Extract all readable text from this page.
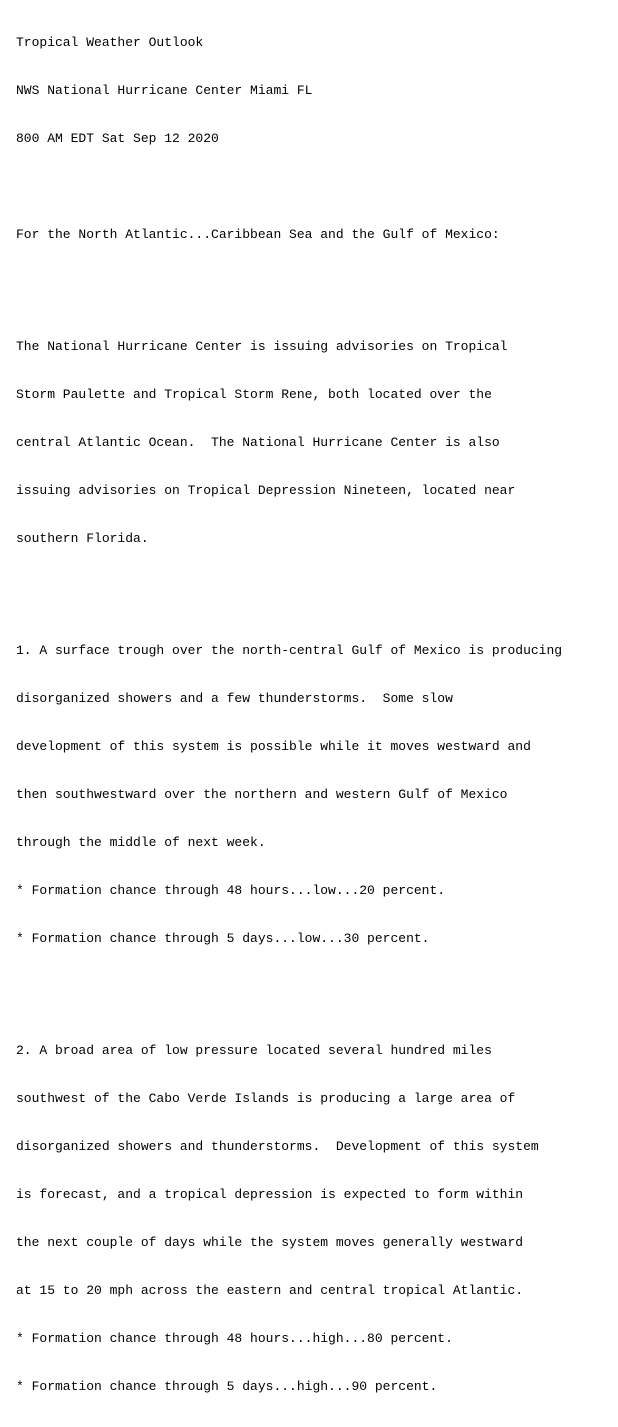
Tropical Weather Outlook

NWS National Hurricane Center Miami FL

800 AM EDT Sat Sep 12 2020

For the North Atlantic...Caribbean Sea and the Gulf of Mexico:

The National Hurricane Center is issuing advisories on Tropical

Storm Paulette and Tropical Storm Rene, both located over the

central Atlantic Ocean.  The National Hurricane Center is also

issuing advisories on Tropical Depression Nineteen, located near

southern Florida.

1. A surface trough over the north-central Gulf of Mexico is producing

disorganized showers and a few thunderstorms.  Some slow

development of this system is possible while it moves westward and

then southwestward over the northern and western Gulf of Mexico

through the middle of next week.

* Formation chance through 48 hours...low...20 percent.

* Formation chance through 5 days...low...30 percent.

2. A broad area of low pressure located several hundred miles

southwest of the Cabo Verde Islands is producing a large area of

disorganized showers and thunderstorms.  Development of this system

is forecast, and a tropical depression is expected to form within

the next couple of days while the system moves generally westward

at 15 to 20 mph across the eastern and central tropical Atlantic.

* Formation chance through 48 hours...high...80 percent.

* Formation chance through 5 days...high...90 percent.
